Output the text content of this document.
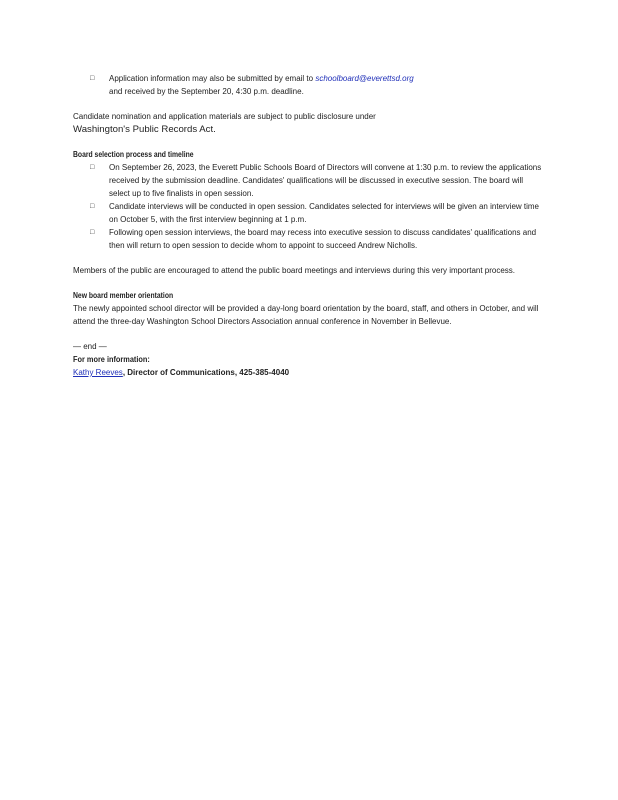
□ Application information may also be submitted by email to schoolboard@everettsd.org
and received by the September 20, 4:30 p.m. deadline.

Candidate nomination and application materials are subject to public disclosure under

Washington's Public Records Act.

Board selection process and timeline
□ On September 26, 2023, the Everett Public Schools Board of Directors will convene at 1:30 p.m. to review the applications received by the submission deadline. Candidates' qualifications will be discussed in executive session. The board will select up to five finalists in open session.
□ Candidate interviews will be conducted in open session. Candidates selected for interviews will be given an interview time on October 5, with the first interview beginning at 1 p.m.
□ Following open session interviews, the board may recess into executive session to discuss candidates' qualifications and then will return to open session to decide whom to appoint to succeed Andrew Nicholls.

Members of the public are encouraged to attend the public board meetings and interviews during this very important process.

New board member orientation

The newly appointed school director will be provided a day-long board orientation by the board, staff, and others in October, and will attend the three-day Washington School Directors Association annual conference in November in Bellevue.

— end —

For more information:

Kathy Reeves, Director of Communications, 425-385-4040
